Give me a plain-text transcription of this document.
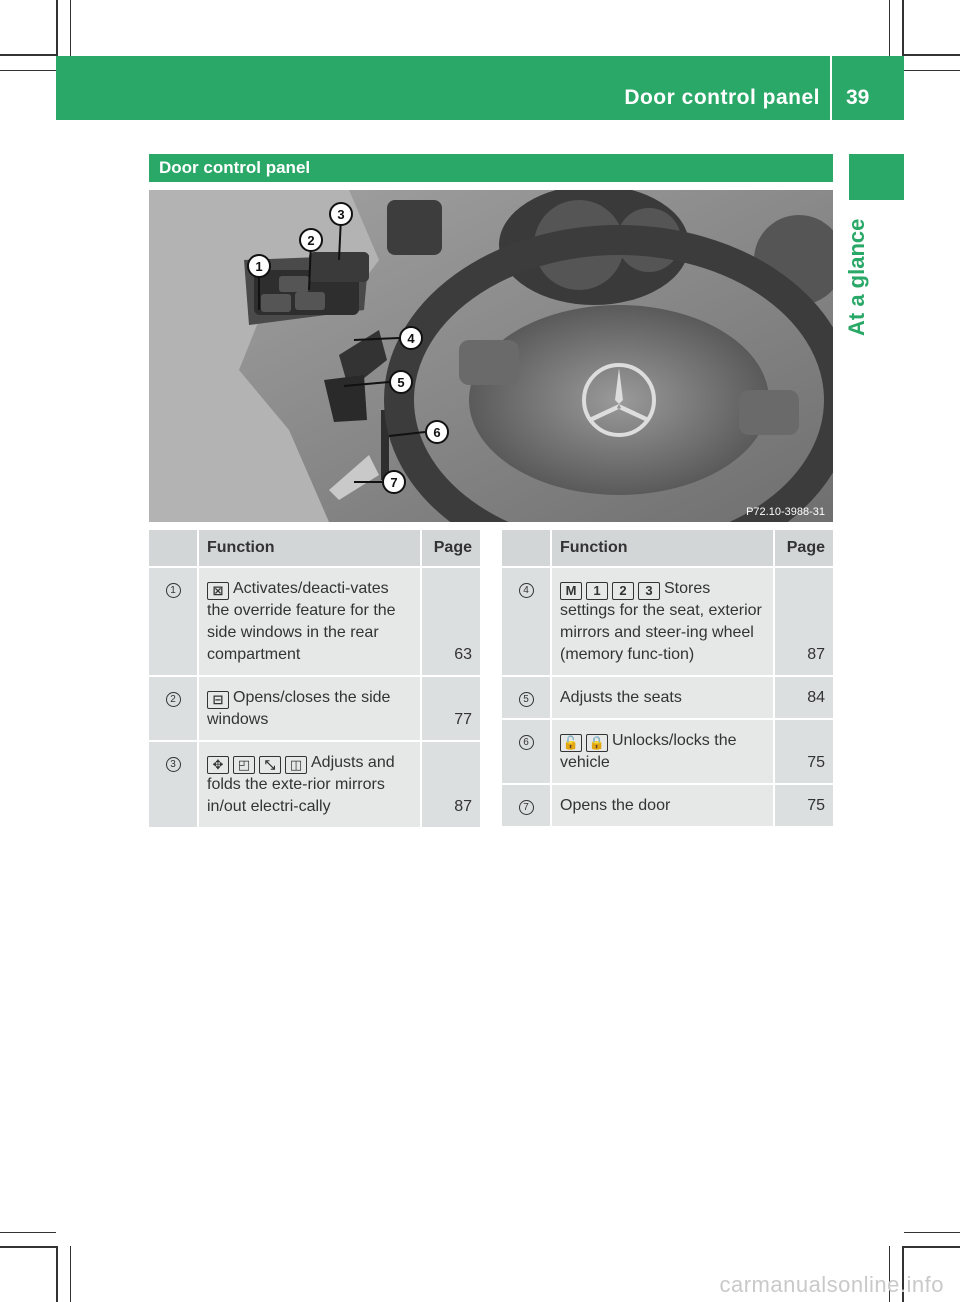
Door control panel 39
At a glance
Door control panel
1
2
3
4
5
6
7
P72.10-3988-31
	Function	Page
1	⊠ Activates/deacti-vates the override feature for the side windows in the rear compartment	63
2	⊟ Opens/closes the side windows	77
3	✥ ◰ ⤡ ◫ Adjusts and folds the exte-rior mirrors in/out electri-cally	87
	Function	Page
4	M 1 2 3 Stores settings for the seat, exterior mirrors and steer-ing wheel (memory func-tion)	87
5	Adjusts the seats	84
6	🔓 🔒 Unlocks/locks the vehicle	75
7	Opens the door	75
carmanualsonline.info
